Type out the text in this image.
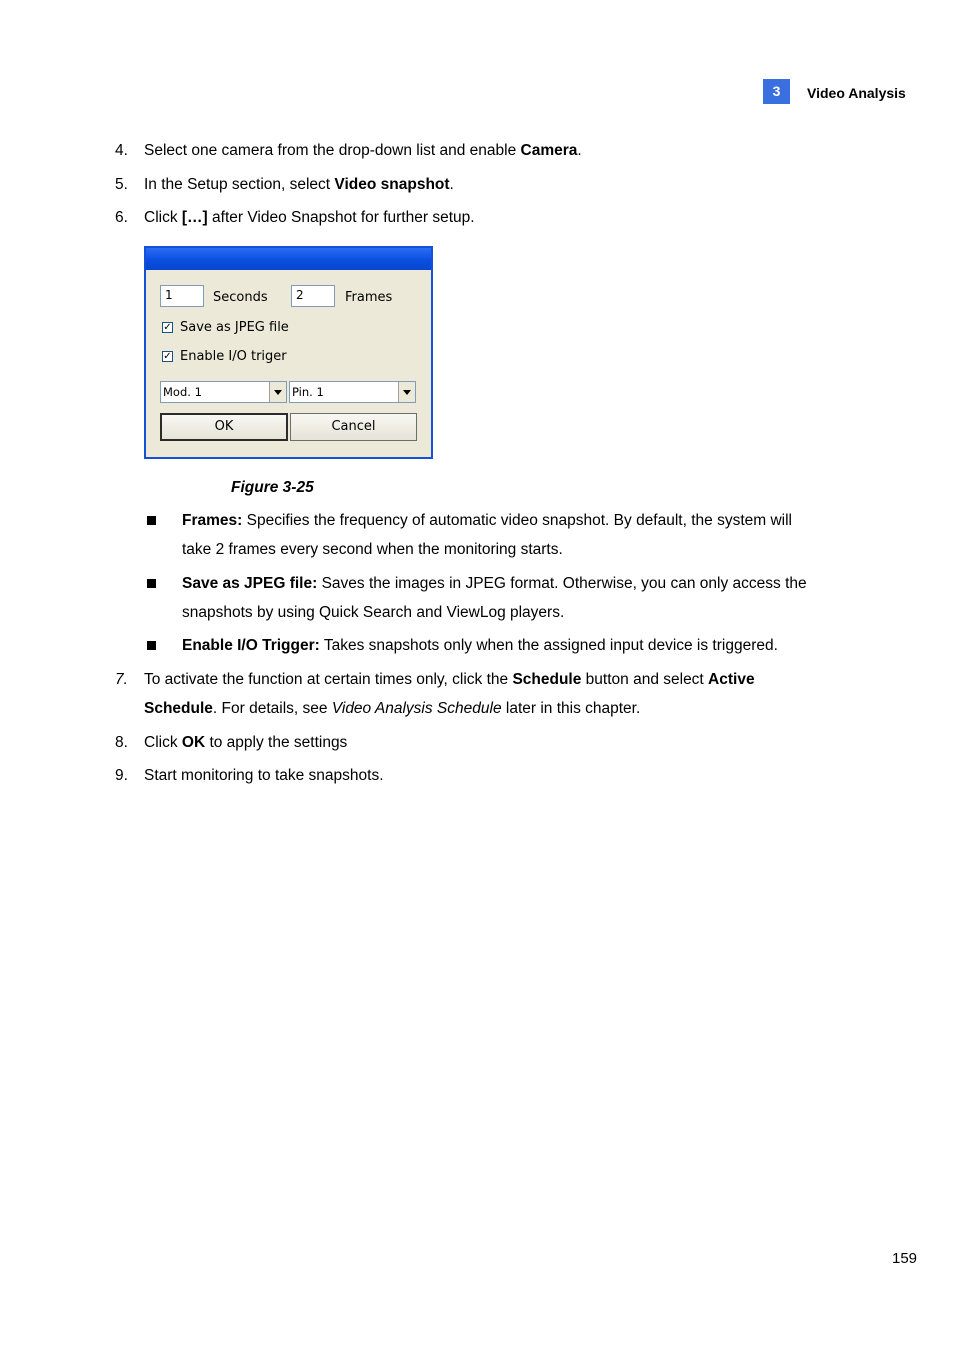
3	Video Analysis
4. Select one camera from the drop-down list and enable Camera.
5. In the Setup section, select Video snapshot.
6. Click […] after Video Snapshot for further setup.
1	Seconds	2	Frames
✓ Save as JPEG file
✓ Enable I/O triger
Mod. 1	Pin. 1
OK	Cancel
Figure 3-25
Frames: Specifies the frequency of automatic video snapshot. By default, the system will
take 2 frames every second when the monitoring starts.
Save as JPEG file: Saves the images in JPEG format. Otherwise, you can only access the
snapshots by using Quick Search and ViewLog players.
Enable I/O Trigger: Takes snapshots only when the assigned input device is triggered.
7. To activate the function at certain times only, click the Schedule button and select Active
Schedule. For details, see Video Analysis Schedule later in this chapter.
8. Click OK to apply the settings
9. Start monitoring to take snapshots.
159
